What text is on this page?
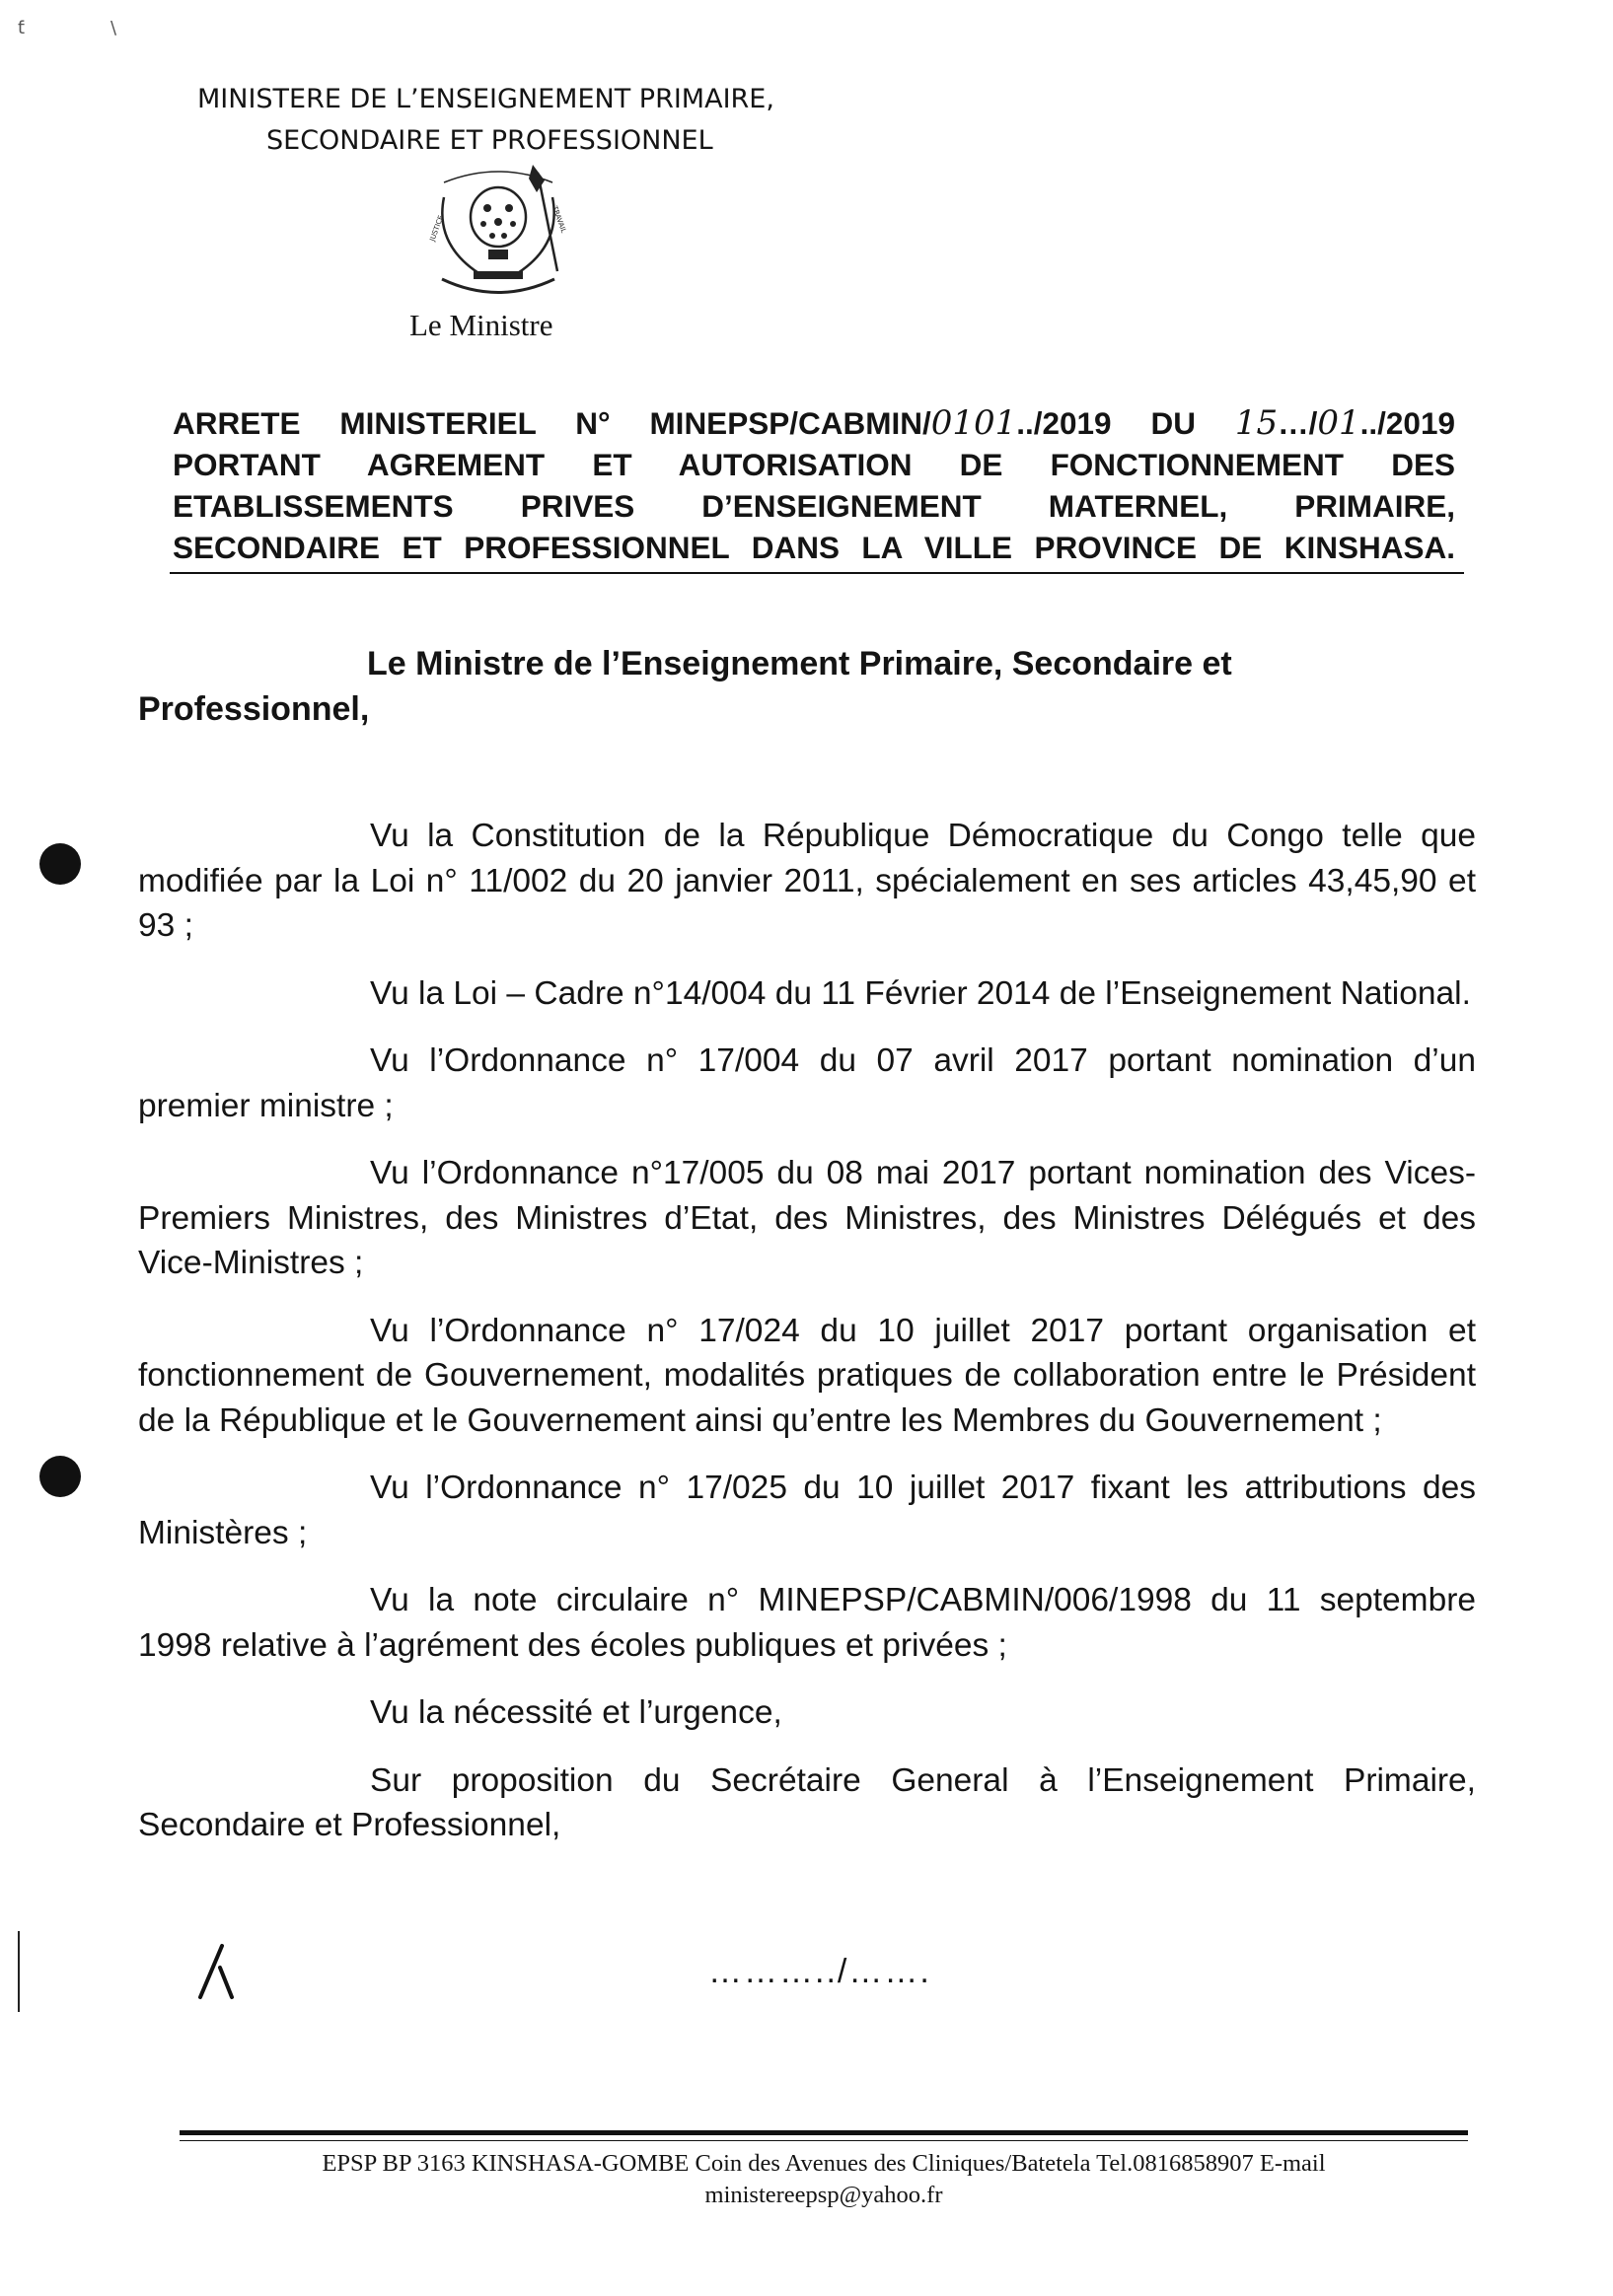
ƭ	\
MINISTERE DE L’ENSEIGNEMENT PRIMAIRE,
SECONDAIRE ET PROFESSIONNEL
JUSTICE	TRAVAIL
Le Ministre
ARRETE MINISTERIEL N° MINEPSP/CABMIN/0101../2019 DU 15…/01../2019
PORTANT AGREMENT ET AUTORISATION DE FONCTIONNEMENT DES
ETABLISSEMENTS PRIVES D’ENSEIGNEMENT MATERNEL, PRIMAIRE,
SECONDAIRE ET PROFESSIONNEL DANS LA VILLE PROVINCE DE KINSHASA.
Le Ministre de l’Enseignement Primaire, Secondaire et
Professionnel,

Vu la Constitution de la République Démocratique du Congo telle que modifiée par la Loi n° 11/002 du 20 janvier 2011, spécialement en ses articles 43,45,90 et 93 ;

Vu la Loi – Cadre n°14/004 du 11 Février 2014 de l’Enseignement National.

Vu l’Ordonnance n° 17/004 du 07 avril 2017 portant nomination d’un premier ministre ;

Vu l’Ordonnance n°17/005 du 08 mai 2017 portant nomination des Vices-Premiers Ministres, des Ministres d’Etat, des Ministres, des Ministres Délégués et des Vice-Ministres ;

Vu l’Ordonnance n° 17/024 du 10 juillet 2017 portant organisation et fonctionnement de Gouvernement, modalités pratiques de collaboration entre le Président de la République et le Gouvernement ainsi qu’entre les Membres du Gouvernement ;

Vu l’Ordonnance n° 17/025 du 10 juillet 2017 fixant les attributions des Ministères ;

Vu la note circulaire n° MINEPSP/CABMIN/006/1998 du 11 septembre 1998 relative à l’agrément des écoles publiques et privées ;

Vu la nécessité et l’urgence,

Sur proposition du Secrétaire General à l’Enseignement Primaire, Secondaire et Professionnel,

………../…….
EPSP BP 3163 KINSHASA-GOMBE Coin des Avenues des Cliniques/Batetela Tel.0816858907 E-mail
ministereepsp@yahoo.fr
